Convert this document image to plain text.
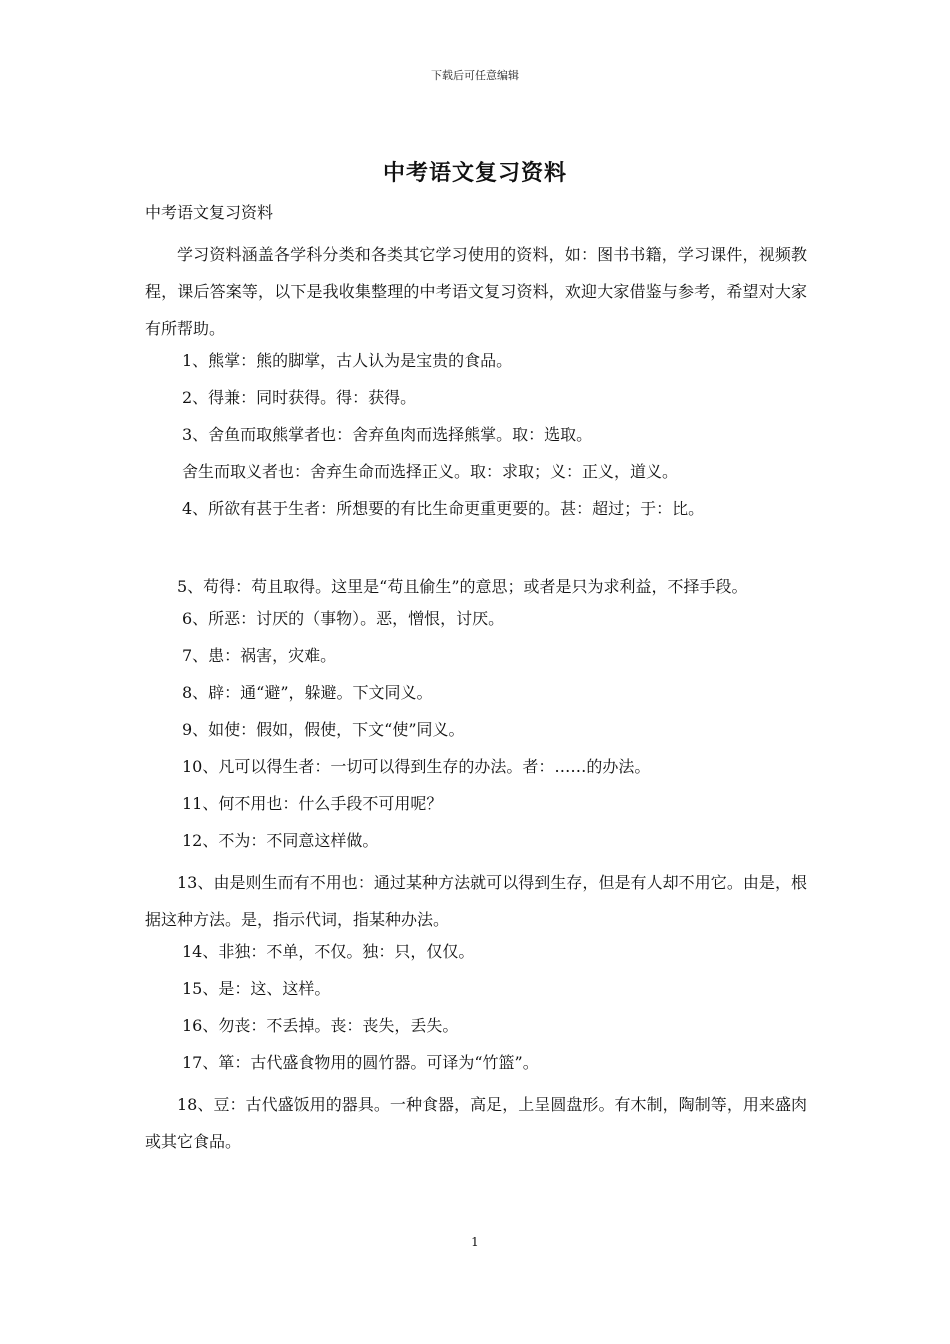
下载后可任意编辑
中考语文复习资料
中考语文复习资料

学习资料涵盖各学科分类和各类其它学习使用的资料，如：图书书籍，学习课件，视频教程，课后答案等，以下是我收集整理的中考语文复习资料，欢迎大家借鉴与参考，希望对大家有所帮助。

1、熊掌：熊的脚掌，古人认为是宝贵的食品。
2、得兼：同时获得。得：获得。
3、舍鱼而取熊掌者也：舍弃鱼肉而选择熊掌。取：选取。
舍生而取义者也：舍弃生命而选择正义。取：求取；义：正义，道义。
4、所欲有甚于生者：所想要的有比生命更重更要的。甚：超过；于：比。

5、苟得：苟且取得。这里是“苟且偷生”的意思；或者是只为求利益，不择手段。

6、所恶：讨厌的（事物）。恶，憎恨，讨厌。
7、患：祸害，灾难。
8、辟：通“避”，躲避。下文同义。
9、如使：假如，假使，下文“使”同义。
10、凡可以得生者：一切可以得到生存的办法。者：……的办法。
11、何不用也：什么手段不可用呢？
12、不为：不同意这样做。

13、由是则生而有不用也：通过某种方法就可以得到生存，但是有人却不用它。由是，根据这种方法。是，指示代词，指某种办法。

14、非独：不单，不仅。独：只，仅仅。
15、是：这、这样。
16、勿丧：不丢掉。丧：丧失，丢失。
17、箪：古代盛食物用的圆竹器。可译为“竹篮”。

18、豆：古代盛饭用的器具。一种食器，高足，上呈圆盘形。有木制，陶制等，用来盛肉或其它食品。

1
